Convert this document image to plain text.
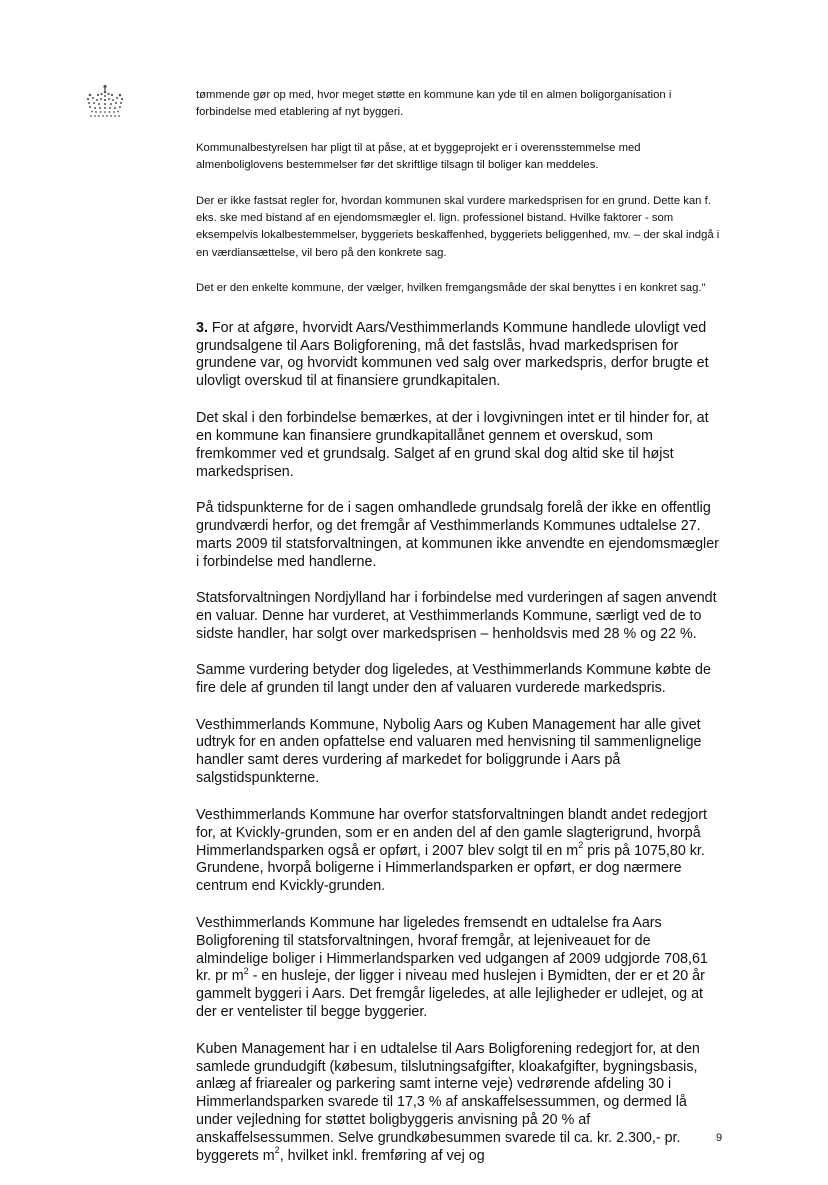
tømmende gør op med, hvor meget støtte en kommune kan yde til en almen boligorganisation i forbindelse med etablering af nyt byggeri.

Kommunalbestyrelsen har pligt til at påse, at et byggeprojekt er i overensstemmelse med almenboliglovens bestemmelser før det skriftlige tilsagn til boliger kan meddeles.

Der er ikke fastsat regler for, hvordan kommunen skal vurdere markedsprisen for en grund. Dette kan f. eks. ske med bistand af en ejendomsmægler el. lign. professionel bistand. Hvilke faktorer - som eksempelvis lokalbestemmelser, byggeriets beskaffenhed, byggeriets beliggenhed, mv. – der skal indgå i en værdiansættelse, vil bero på den konkrete sag.

Det er den enkelte kommune, der vælger, hvilken fremgangsmåde der skal benyttes i en konkret sag."

3. For at afgøre, hvorvidt Aars/Vesthimmerlands Kommune handlede ulovligt ved grundsalgene til Aars Boligforening, må det fastslås, hvad markedsprisen for grundene var, og hvorvidt kommunen ved salg over markedspris, derfor brugte et ulovligt overskud til at finansiere grundkapitalen.

Det skal i den forbindelse bemærkes, at der i lovgivningen intet er til hinder for, at en kommune kan finansiere grundkapitallånet gennem et overskud, som fremkommer ved et grundsalg. Salget af en grund skal dog altid ske til højst markedsprisen.

På tidspunkterne for de i sagen omhandlede grundsalg forelå der ikke en offentlig grundværdi herfor, og det fremgår af Vesthimmerlands Kommunes udtalelse 27. marts 2009 til statsforvaltningen, at kommunen ikke anvendte en ejendomsmægler i forbindelse med handlerne.

Statsforvaltningen Nordjylland har i forbindelse med vurderingen af sagen anvendt en valuar. Denne har vurderet, at Vesthimmerlands Kommune, særligt ved de to sidste handler, har solgt over markedsprisen – henholdsvis med 28 % og 22 %.

Samme vurdering betyder dog ligeledes, at Vesthimmerlands Kommune købte de fire dele af grunden til langt under den af valuaren vurderede markedspris.

Vesthimmerlands Kommune, Nybolig Aars og Kuben Management har alle givet udtryk for en anden opfattelse end valuaren med henvisning til sammenlignelige handler samt deres vurdering af markedet for boliggrunde i Aars på salgstidspunkterne.

Vesthimmerlands Kommune har overfor statsforvaltningen blandt andet redegjort for, at Kvickly-grunden, som er en anden del af den gamle slagterigrund, hvorpå Himmerlandsparken også er opført, i 2007 blev solgt til en $m^2$ pris på 1075,80 kr. Grundene, hvorpå boligerne i Himmerlandsparken er opført, er dog nærmere centrum end Kvickly-grunden.

Vesthimmerlands Kommune har ligeledes fremsendt en udtalelse fra Aars Boligforening til statsforvaltningen, hvoraf fremgår, at lejeniveauet for de almindelige boliger i Himmerlandsparken ved udgangen af 2009 udgjorde 708,61 kr. pr $m^2$ - en husleje, der ligger i niveau med huslejen i Bymidten, der er et 20 år gammelt byggeri i Aars. Det fremgår ligeledes, at alle lejligheder er udlejet, og at der er ventelister til begge byggerier.

Kuben Management har i en udtalelse til Aars Boligforening redegjort for, at den samlede grundudgift (købesum, tilslutningsafgifter, kloakafgifter, bygningsbasis, anlæg af friarealer og parkering samt interne veje) vedrørende afdeling 30 i Himmerlandsparken svarede til 17,3 % af anskaffelsessummen, og dermed lå under vejledning for støttet boligbyggeris anvisning på 20 % af anskaffelsessummen. Selve grundkøbesummen svarede til ca. kr. 2.300,- pr. byggerets $m^2$, hvilket inkl. fremføring af vej og

9
